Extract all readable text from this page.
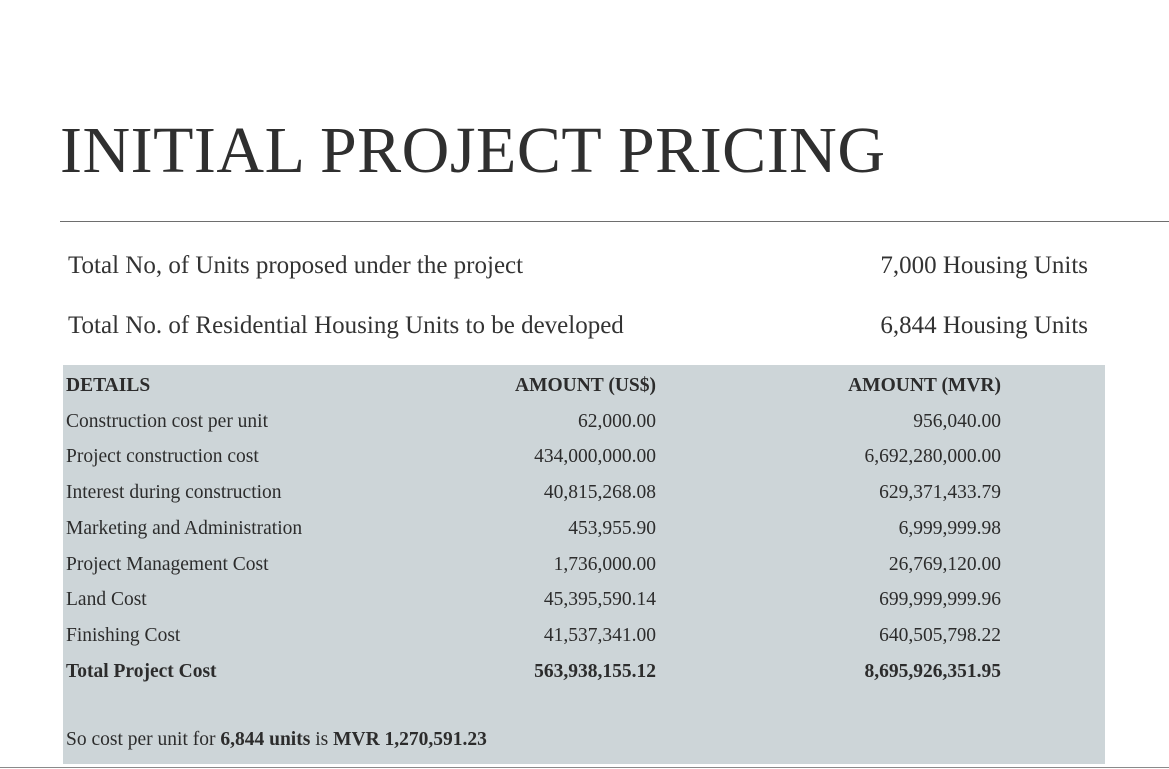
INITIAL PROJECT PRICING
Total No, of Units proposed under the project	7,000 Housing Units
Total No. of Residential Housing Units to be developed	6,844 Housing Units
DETAILS	AMOUNT (US$)		AMOUNT (MVR)
Construction cost per unit	62,000.00		956,040.00
Project construction cost	434,000,000.00		6,692,280,000.00
Interest during construction	40,815,268.08		629,371,433.79
Marketing and Administration	453,955.90		6,999,999.98
Project Management Cost	1,736,000.00		26,769,120.00
Land Cost	45,395,590.14		699,999,999.96
Finishing Cost	41,537,341.00		640,505,798.22
Total Project Cost	563,938,155.12		8,695,926,351.95
So cost per unit for 6,844 units is MVR 1,270,591.23
